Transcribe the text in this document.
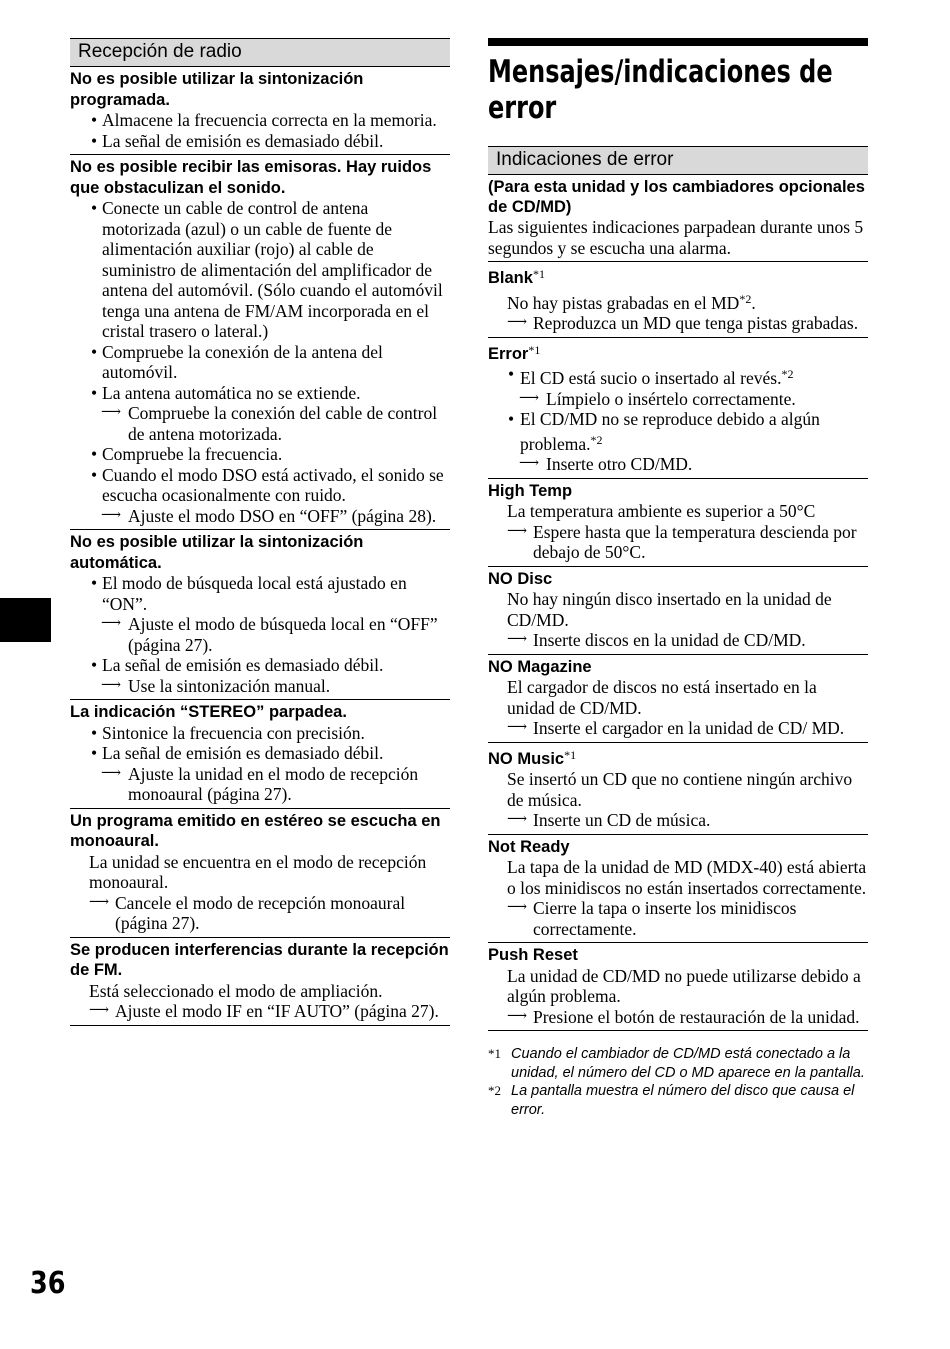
Recepción de radio
No es posible utilizar la sintonización programada.
• Almacene la frecuencia correcta en la memoria.
• La señal de emisión es demasiado débil.
No es posible recibir las emisoras. Hay ruidos que obstaculizan el sonido.
• Conecte un cable de control de antena motorizada (azul) o un cable de fuente de alimentación auxiliar (rojo) al cable de suministro de alimentación del amplificador de antena del automóvil. (Sólo cuando el automóvil tenga una antena de FM/AM incorporada en el cristal trasero o lateral.)
• Compruebe la conexión de la antena del automóvil.
• La antena automática no se extiende.
⟶ Compruebe la conexión del cable de control de antena motorizada.
• Compruebe la frecuencia.
• Cuando el modo DSO está activado, el sonido se escucha ocasionalmente con ruido.
⟶ Ajuste el modo DSO en “OFF” (página 28).
No es posible utilizar la sintonización automática.
• El modo de búsqueda local está ajustado en “ON”.
⟶ Ajuste el modo de búsqueda local en “OFF” (página 27).
• La señal de emisión es demasiado débil.
⟶ Use la sintonización manual.
La indicación “STEREO” parpadea.
• Sintonice la frecuencia con precisión.
• La señal de emisión es demasiado débil.
⟶ Ajuste la unidad en el modo de recepción monoaural (página 27).
Un programa emitido en estéreo se escucha en monoaural.
La unidad se encuentra en el modo de recepción monoaural.
⟶ Cancele el modo de recepción monoaural (página 27).
Se producen interferencias durante la recepción de FM.
Está seleccionado el modo de ampliación.
⟶ Ajuste el modo IF en “IF AUTO” (página 27).
Mensajes/indicaciones de error
Indicaciones de error
(Para esta unidad y los cambiadores opcionales de CD/MD)
Las siguientes indicaciones parpadean durante unos 5 segundos y se escucha una alarma.
Blank$^{*1}$
No hay pistas grabadas en el MD$^{*2}$.
⟶ Reproduzca un MD que tenga pistas grabadas.
Error$^{*1}$
• El CD está sucio o insertado al revés.$^{*2}$
⟶ Límpielo o insértelo correctamente.
• El CD/MD no se reproduce debido a algún problema.$^{*2}$
⟶ Inserte otro CD/MD.
High Temp
La temperatura ambiente es superior a 50°C
⟶ Espere hasta que la temperatura descienda por debajo de 50°C.
NO Disc
No hay ningún disco insertado en la unidad de CD/MD.
⟶ Inserte discos en la unidad de CD/MD.
NO Magazine
El cargador de discos no está insertado en la unidad de CD/MD.
⟶ Inserte el cargador en la unidad de CD/ MD.
NO Music$^{*1}$
Se insertó un CD que no contiene ningún archivo de música.
⟶ Inserte un CD de música.
Not Ready
La tapa de la unidad de MD (MDX-40) está abierta o los minidiscos no están insertados correctamente.
⟶ Cierre la tapa o inserte los minidiscos correctamente.
Push Reset
La unidad de CD/MD no puede utilizarse debido a algún problema.
⟶ Presione el botón de restauración de la unidad.
*1 Cuando el cambiador de CD/MD está conectado a la unidad, el número del CD o MD aparece en la pantalla.
*2 La pantalla muestra el número del disco que causa el error.
36
